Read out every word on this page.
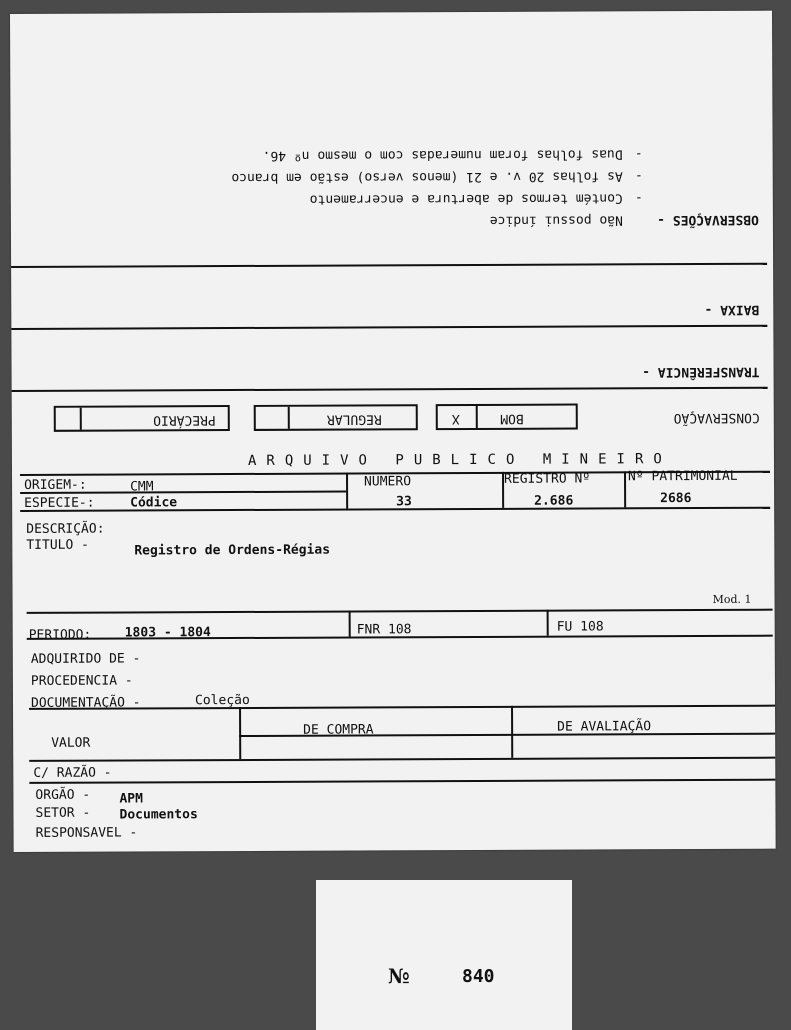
OBSERVAÇÕES -
Não possui índice
-
Contém termos de abertura e encerramento
-
As folhas 20 v. e 21 (menos verso) estão em branco
-
Duas folhas foram numeradas com o mesmo nº 46.
BAIXA -
TRANSFERÊNCIA -
CONSERVAÇÃO
BOM
X
REGULAR
PRECÁRIO
ARQUIVO PUBLICO MINEIRO
ORIGEM-:	CMM
ESPECIE-:	Códice
NUMERO
33
REGISTRO Nº
2.686
Nº PATRIMONIAL
2686
DESCRIÇÃO:
TITULO -	Registro de Ordens-Régias
Mod. 1
PERIODO:	1803 - 1804	FNR 108	FU 108
ADQUIRIDO DE -
PROCEDENCIA -
DOCUMENTAÇÃO -	Coleção
VALOR
DE COMPRA	DE AVALIAÇÃO
C/ RAZÃO -
ORGÃO - APM
SETOR - Documentos
RESPONSAVEL -
№	840
